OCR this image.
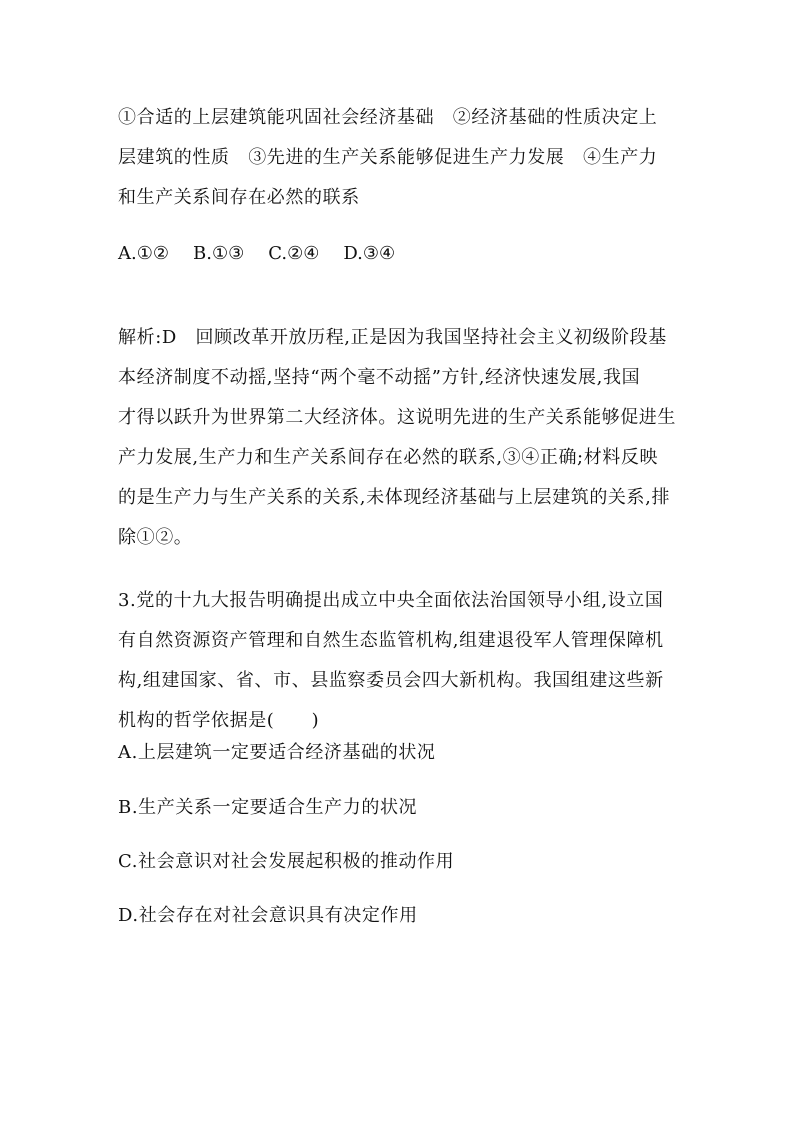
①合适的上层建筑能巩固社会经济基础　②经济基础的性质决定上
层建筑的性质　③先进的生产关系能够促进生产力发展　④生产力
和生产关系间存在必然的联系
A.①② B.①③ C.②④ D.③④
解析:D　回顾改革开放历程,正是因为我国坚持社会主义初级阶段基
本经济制度不动摇,坚持“两个毫不动摇”方针,经济快速发展,我国
才得以跃升为世界第二大经济体。这说明先进的生产关系能够促进生
产力发展,生产力和生产关系间存在必然的联系,③④正确;材料反映
的是生产力与生产关系的关系,未体现经济基础与上层建筑的关系,排
除①②。
3.党的十九大报告明确提出成立中央全面依法治国领导小组,设立国
有自然资源资产管理和自然生态监管机构,组建退役军人管理保障机
构,组建国家、省、市、县监察委员会四大新机构。我国组建这些新
机构的哲学依据是(　　)
A.上层建筑一定要适合经济基础的状况
B.生产关系一定要适合生产力的状况
C.社会意识对社会发展起积极的推动作用
D.社会存在对社会意识具有决定作用
